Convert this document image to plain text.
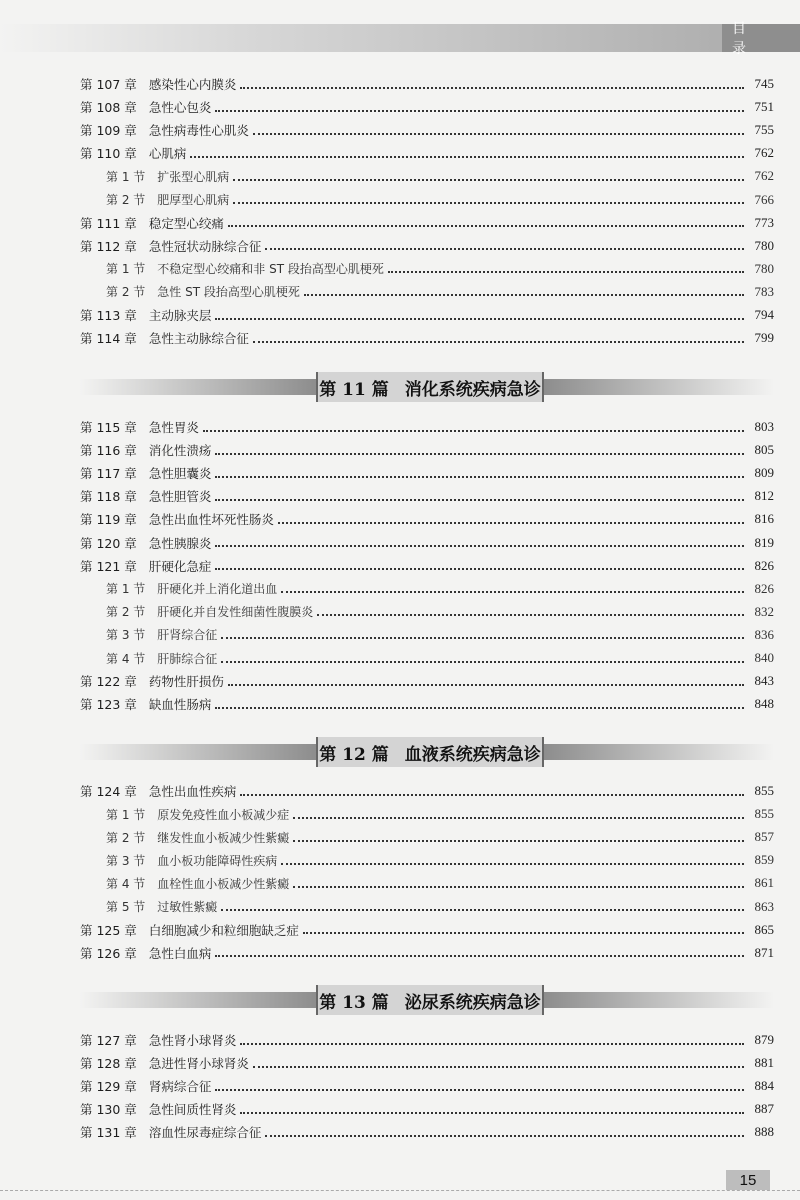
目 录
第 107 章 感染性心内膜炎	745
第 108 章 急性心包炎	751
第 109 章 急性病毒性心肌炎	755
第 110 章 心肌病	762
第 1 节 扩张型心肌病	762
第 2 节 肥厚型心肌病	766
第 111 章 稳定型心绞痛	773
第 112 章 急性冠状动脉综合征	780
第 1 节 不稳定型心绞痛和非 ST 段抬高型心肌梗死	780
第 2 节 急性 ST 段抬高型心肌梗死	783
第 113 章 主动脉夹层	794
第 114 章 急性主动脉综合征	799
第 115 章 急性胃炎	803
第 116 章 消化性溃疡	805
第 117 章 急性胆囊炎	809
第 118 章 急性胆管炎	812
第 119 章 急性出血性坏死性肠炎	816
第 120 章 急性胰腺炎	819
第 121 章 肝硬化急症	826
第 1 节 肝硬化并上消化道出血	826
第 2 节 肝硬化并自发性细菌性腹膜炎	832
第 3 节 肝肾综合征	836
第 4 节 肝肺综合征	840
第 122 章 药物性肝损伤	843
第 123 章 缺血性肠病	848
第 124 章 急性出血性疾病	855
第 1 节 原发免疫性血小板减少症	855
第 2 节 继发性血小板减少性紫癜	857
第 3 节 血小板功能障碍性疾病	859
第 4 节 血栓性血小板减少性紫癜	861
第 5 节 过敏性紫癜	863
第 125 章 白细胞减少和粒细胞缺乏症	865
第 126 章 急性白血病	871
第 127 章 急性肾小球肾炎	879
第 128 章 急进性肾小球肾炎	881
第 129 章 肾病综合征	884
第 130 章 急性间质性肾炎	887
第 131 章 溶血性尿毒症综合征	888
第 11 篇 消化系统疾病急诊
第 12 篇 血液系统疾病急诊
第 13 篇 泌尿系统疾病急诊
15
